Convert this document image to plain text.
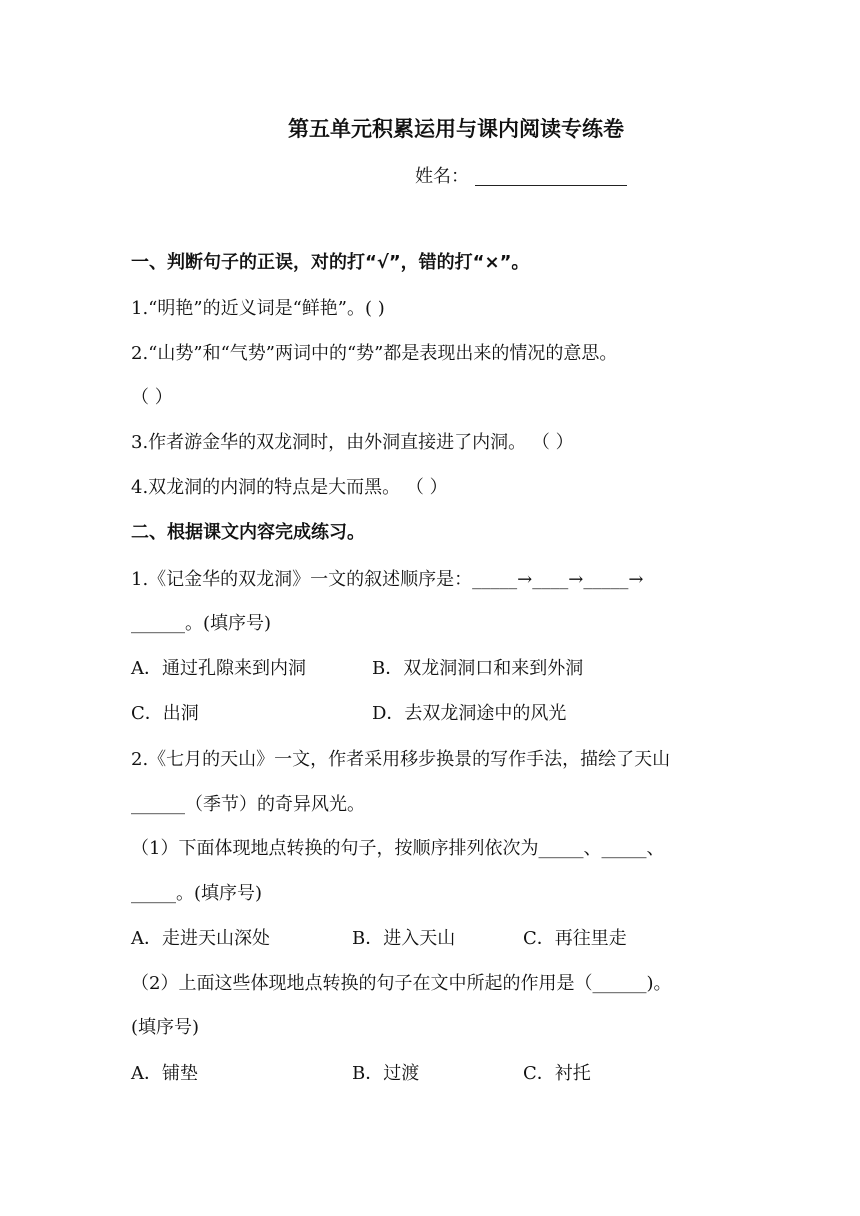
第五单元积累运用与课内阅读专练卷
姓名：
一、判断句子的正误，对的打“√”，错的打“×”。
1.“明艳”的近义词是“鲜艳”。( )
2.“山势”和“气势”两词中的“势”都是表现出来的情况的意思。
（ ）
3.作者游金华的双龙洞时，由外洞直接进了内洞。 （ ）
4.双龙洞的内洞的特点是大而黑。 （ ）
二、根据课文内容完成练习。
1.《记金华的双龙洞》一文的叙述顺序是：_____→____→_____→
______。(填序号)
A．通过孔隙来到内洞	B．双龙洞洞口和来到外洞
C．出洞	D．去双龙洞途中的风光
2.《七月的天山》一文，作者采用移步换景的写作手法，描绘了天山
______（季节）的奇异风光。
（1）下面体现地点转换的句子，按顺序排列依次为_____、_____、
_____。(填序号)
A．走进天山深处	B．进入天山	C．再往里走
（2）上面这些体现地点转换的句子在文中所起的作用是（______)。
(填序号)
A．铺垫	B．过渡	C．衬托
